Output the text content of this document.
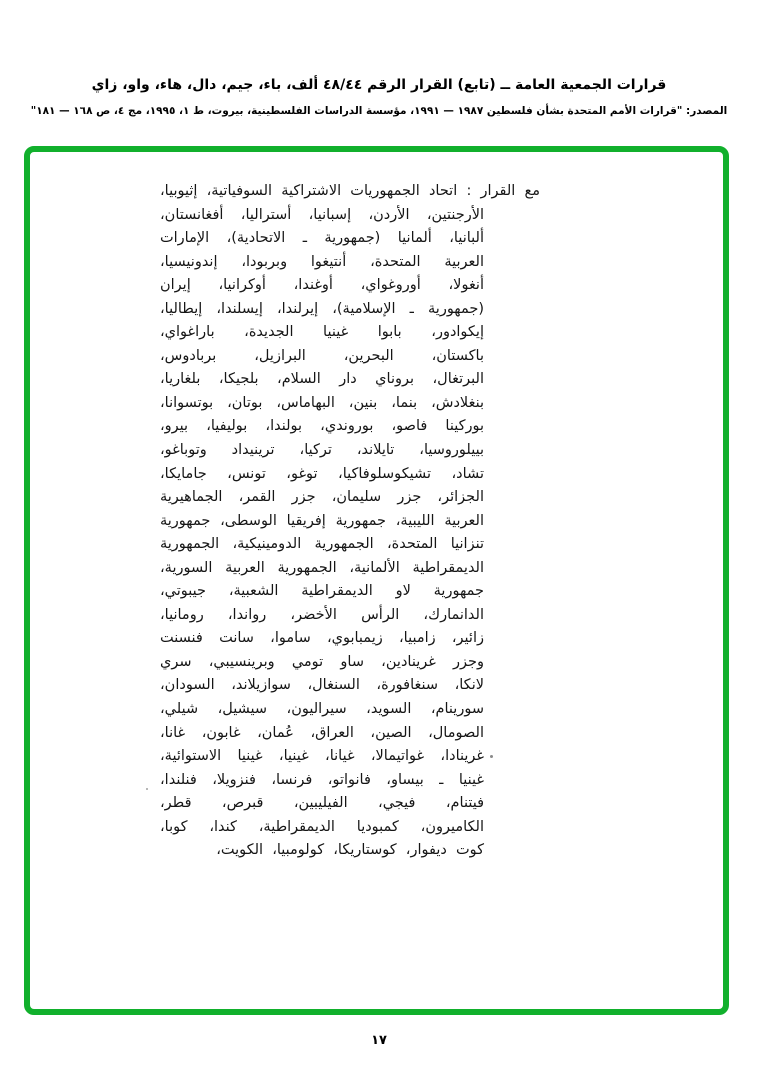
قرارات الجمعية العامة ــ (تابع) القرار الرقم ٤٨/٤٤ ألف، باء، جيم، دال، هاء، واو، زاي
المصدر: "قرارات الأمم المتحدة بشأن فلسطين ١٩٨٧ — ١٩٩١، مؤسسة الدراسات الفلسطينية، بيروت، ط ١، ١٩٩٥، مج ٤، ص ١٦٨ — ١٨١"
مع القرار : اتحاد الجمهوريات الاشتراكية السوفياتية، إثيوبيا،
الأرجنتين، الأردن، إسبانيا، أستراليا، أفغانستان،
ألبانيا، ألمانيا (جمهورية ـ الاتحادية)، الإمارات
العربية المتحدة، أنتيغوا وبربودا، إندونيسيا،
أنغولا، أوروغواي، أوغندا، أوكرانيا، إيران
(جمهورية ـ الإسلامية)، إيرلندا، إيسلندا، إيطاليا،
إيكوادور، بابوا غينيا الجديدة، باراغواي،
باكستان، البحرين، البرازيل، بربادوس،
البرتغال، بروناي دار السلام، بلجيكا، بلغاريا،
بنغلادش، بنما، بنين، البهاماس، بوتان، بوتسوانا،
بوركينا فاصو، بوروندي، بولندا، بوليفيا، بيرو،
بييلوروسيا، تايلاند، تركيا، ترينيداد وتوباغو،
تشاد، تشيكوسلوفاكيا، توغو، تونس، جامايكا،
الجزائر، جزر سليمان، جزر القمر، الجماهيرية
العربية الليبية، جمهورية إفريقيا الوسطى، جمهورية
تنزانيا المتحدة، الجمهورية الدومينيكية، الجمهورية
الديمقراطية الألمانية، الجمهورية العربية السورية،
جمهورية لاو الديمقراطية الشعبية، جيبوتي،
الدانمارك، الرأس الأخضر، رواندا، رومانيا،
زائير، زامبيا، زيمبابوي، ساموا، سانت فنسنت
وجزر غرينادين، ساو تومي وبرينسيبي، سري
لانكا، سنغافورة، السنغال، سوازيلاند، السودان،
سورينام، السويد، سيراليون، سيشيل، شيلي،
الصومال، الصين، العراق، عُمان، غابون، غانا،
غرينادا، غواتيمالا، غيانا، غينيا، غينيا الاستوائية،
غينيا ـ بيساو، فانواتو، فرنسا، فنزويلا، فنلندا،
فيتنام، فيجي، الفيليبين، قبرص، قطر،
الكاميرون، كمبوديا الديمقراطية، كندا، كوبا،
كوت ديفوار، كوستاريكا، كولومبيا، الكويت،
١٧
